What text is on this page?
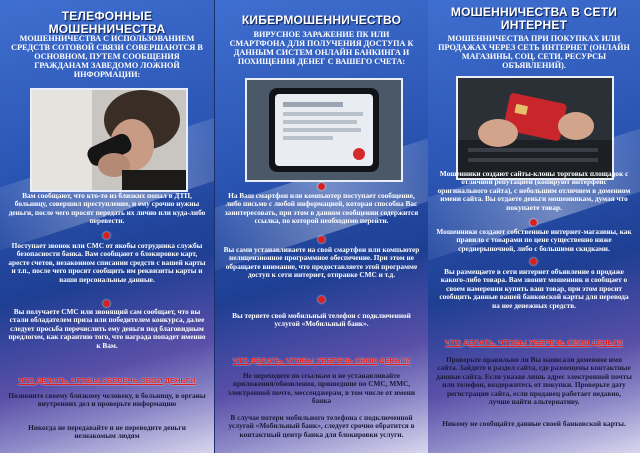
ТЕЛЕФОННЫЕ МОШЕННИЧЕСТВА
МОШЕННИЧЕСТВА С ИСПОЛЬЗОВАНИЕМ СРЕДСТВ СОТОВОЙ СВЯЗИ СОВЕРШАЮТСЯ В ОСНОВНОМ, ПУТЕМ СООБЩЕНИЯ ГРАЖДАНАМ ЗАВЕДОМО ЛОЖНОЙ ИНФОРМАЦИИ:
Вам сообщают, что кто-то из близких попал в ДТП, больницу, совершил преступление, и ему срочно нужны деньги, после чего просят передать их лично или куда-либо перевести.
Поступает звонок или СМС от якобы сотрудника службы безопасности банка. Вам сообщают о блокировке карт, аресте счетов, незаконном списании средств с вашей карты и т.п., после чего просят сообщить им реквизиты карты и ваши персональные данные.
Вы получаете СМС или звонящий сам сообщает, что вы стали обладателем приза или победителем конкурса, далее следует просьба перечислить ему деньги под благовидным предлогом, как гарантию того, что награда попадет именно к Вам.
ЧТО ДЕЛАТЬ, ЧТОБЫ УБЕРЕЧЬ СВОИ ДЕНЬГИ
Позвоните своему близкому человеку, в больницу, в органы внутренних дел и проверьте информацию
Никогда не передавайте и не переводите деньги незнакомым людям
КИБЕРМОШЕННИЧЕСТВО
ВИРУСНОЕ ЗАРАЖЕНИЕ ПК ИЛИ СМАРТФОНА ДЛЯ ПОЛУЧЕНИЯ ДОСТУПА К ДАННЫМ СИСТЕМ ОНЛАЙН БАНКИНГА И ПОХИЩЕНИЯ ДЕНЕГ С ВАШЕГО СЧЕТА:
На Ваш смартфон или компьютер поступает сообщение, либо письмо с любой информацией, которая способна Вас заинтересовать, при этом в данном сообщении содержится ссылка, по которой необходимо перейти.
Вы сами устанавливаете на свой смартфон или компьютер нелицензионное программное обеспечение. При этом не обращаете внимание, что предоставляете этой программе доступ к сети интернет, отправке СМС и т.д.
Вы теряете свой мобильный телефон с подключенной услугой «Мобильный банк».
ЧТО ДЕЛАТЬ, ЧТОБЫ УБЕРЕЧЬ СВОИ ДЕНЬГИ
Не переходите по ссылкам и не устанавливайте приложения/обновления, пришедшие по СМС, ММС, электронной почте, мессенджерам, в том числе от имени банка
В случае потери мобильного телефона с подключенной услугой «Мобильный банк», следует срочно обратится в контактный центр банка для блокировки услуги.
МОШЕННИЧЕСТВА В СЕТИ ИНТЕРНЕТ
МОШЕННИЧЕСТВА ПРИ ПОКУПКАХ ИЛИ ПРОДАЖАХ ЧЕРЕЗ СЕТЬ ИНТЕРНЕТ (ОНЛАЙН МАГАЗИНЫ, СОЦ. СЕТИ, РЕСУРСЫ ОБЪЯВЛЕНИЙ).
Мошенники создают сайты-клоны торговых площадок с отличной репутацией (копируют интерфейс оригинального сайта), с небольшим отличием в доменном имени сайта. Вы отдаете деньги мошенникам, думая что покупаете товар.
Мошенники создают собственные интернет-магазины, как правило с товарами по цене существенно ниже среднерыночной, либо с большими скидками.
Вы размещаете в сети интернет объявление о продаже какого-либо товара. Вам звонит мошенник и сообщает о своем намерении купить ваш товар, при этом просит сообщить данные вашей банковской карты для перевода на нее денежных средств.
ЧТО ДЕЛАТЬ, ЧТОБЫ УБЕРЕЧЬ СВОИ ДЕНЬГИ
Проверьте правильно ли Вы написали доменное имя сайта. Зайдите в раздел сайта, где размещены контактные данные сайта. Если указан лишь адрес электронной почты или телефон, воздержитесь от покупки. Проверьте дату регистрации сайта, если продавец работает недавно, лучше найти альтернативу.
Никому не сообщайте данные своей банковской карты.
